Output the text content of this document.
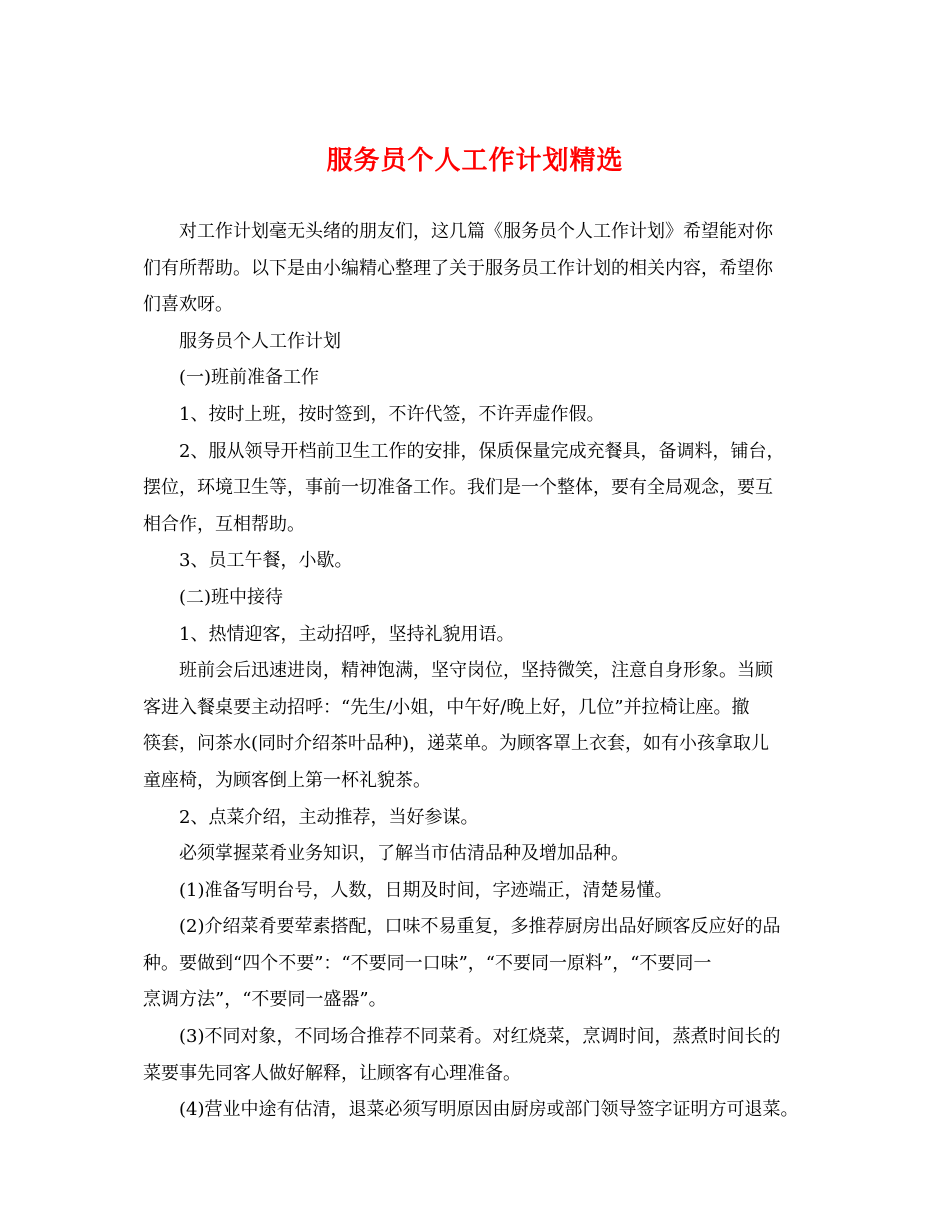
服务员个人工作计划精选
对工作计划毫无头绪的朋友们，这几篇《服务员个人工作计划》希望能对你
们有所帮助。以下是由小编精心整理了关于服务员工作计划的相关内容，希望你
们喜欢呀。
服务员个人工作计划
(一)班前准备工作
1、按时上班，按时签到，不许代签，不许弄虚作假。
2、服从领导开档前卫生工作的安排，保质保量完成充餐具，备调料，铺台，
摆位，环境卫生等，事前一切准备工作。我们是一个整体，要有全局观念，要互
相合作，互相帮助。
3、员工午餐，小歇。
(二)班中接待
1、热情迎客，主动招呼，坚持礼貌用语。
班前会后迅速进岗，精神饱满，坚守岗位，坚持微笑，注意自身形象。当顾
客进入餐桌要主动招呼：“先生/小姐，中午好/晚上好，几位”并拉椅让座。撤
筷套，问茶水(同时介绍茶叶品种)，递菜单。为顾客罩上衣套，如有小孩拿取儿
童座椅，为顾客倒上第一杯礼貌茶。
2、点菜介绍，主动推荐，当好参谋。
必须掌握菜肴业务知识，了解当市估清品种及增加品种。
(1)准备写明台号，人数，日期及时间，字迹端正，清楚易懂。
(2)介绍菜肴要荤素搭配，口味不易重复，多推荐厨房出品好顾客反应好的品
种。要做到“四个不要”：“不要同一口味”，“不要同一原料”，“不要同一
烹调方法”，“不要同一盛器”。
(3)不同对象，不同场合推荐不同菜肴。对红烧菜，烹调时间，蒸煮时间长的
菜要事先同客人做好解释，让顾客有心理准备。
(4)营业中途有估清，退菜必须写明原因由厨房或部门领导签字证明方可退菜。
